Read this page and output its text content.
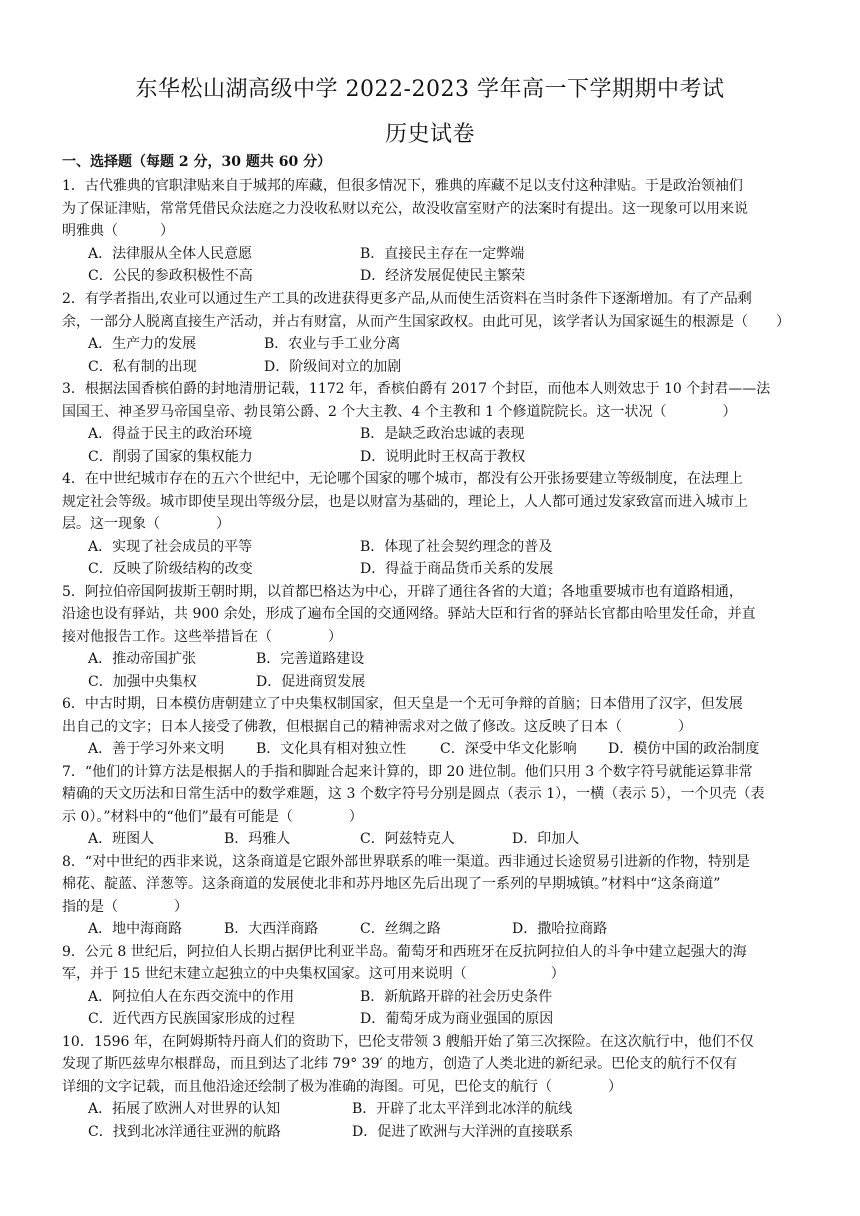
东华松山湖高级中学 2022-2023 学年高一下学期期中考试
历史试卷
一、选择题（每题 2 分，30 题共 60 分）
1．古代雅典的官职津贴来自于城邦的库藏，但很多情况下，雅典的库藏不足以支付这种津贴。于是政治领袖们
为了保证津贴，常常凭借民众法庭之力没收私财以充公，故没收富室财产的法案时有提出。这一现象可以用来说
明雅典（　　　）
A．法律服从全体人民意愿	B．直接民主存在一定弊端
C．公民的参政积极性不高	D．经济发展促使民主繁荣
2．有学者指出,农业可以通过生产工具的改进获得更多产品,从而使生活资料在当时条件下逐渐增加。有了产品剩
余，一部分人脱离直接生产活动，并占有财富，从而产生国家政权。由此可见，该学者认为国家诞生的根源是（　　）
A．生产力的发展	B．农业与手工业分离
C．私有制的出现	D．阶级间对立的加剧
3．根据法国香槟伯爵的封地清册记载，1172 年，香槟伯爵有 2017 个封臣，而他本人则效忠于 10 个封君——法
国国王、神圣罗马帝国皇帝、勃艮第公爵、2 个大主教、4 个主教和 1 个修道院院长。这一状况（　　　　）
A．得益于民主的政治环境	B．是缺乏政治忠诚的表现
C．削弱了国家的集权能力	D．说明此时王权高于教权
4．在中世纪城市存在的五六个世纪中，无论哪个国家的哪个城市，都没有公开张扬要建立等级制度，在法理上
规定社会等级。城市即使呈现出等级分层，也是以财富为基础的，理论上，人人都可通过发家致富而进入城市上
层。这一现象（　　　　）
A．实现了社会成员的平等	B．体现了社会契约理念的普及
C．反映了阶级结构的改变	D．得益于商品货币关系的发展
5．阿拉伯帝国阿拔斯王朝时期，以首都巴格达为中心，开辟了通往各省的大道；各地重要城市也有道路相通，
沿途也设有驿站，共 900 余处，形成了遍布全国的交通网络。驿站大臣和行省的驿站长官都由哈里发任命，并直
接对他报告工作。这些举措旨在（　　　　）
A．推动帝国扩张	B．完善道路建设
C．加强中央集权	D．促进商贸发展
6．中古时期，日本模仿唐朝建立了中央集权制国家，但天皇是一个无可争辩的首脑；日本借用了汉字，但发展
出自己的文字；日本人接受了佛教，但根据自己的精神需求对之做了修改。这反映了日本（　　　　）
A．善于学习外来文明 B．文化具有相对独立性 C．深受中华文化影响 D．模仿中国的政治制度
7．“他们的计算方法是根据人的手指和脚趾合起来计算的，即 20 进位制。他们只用 3 个数字符号就能运算非常
精确的天文历法和日常生活中的数学难题，这 3 个数字符号分别是圆点（表示 1），一横（表示 5），一个贝壳（表
示 0）。”材料中的“他们”最有可能是（　　　　）
A．班图人	B．玛雅人	C．阿兹特克人	D．印加人
8．“对中世纪的西非来说，这条商道是它跟外部世界联系的唯一渠道。西非通过长途贸易引进新的作物，特别是
棉花、靛蓝、洋葱等。这条商道的发展使北非和苏丹地区先后出现了一系列的早期城镇。”材料中“这条商道”
指的是（　　　　）
A．地中海商路	B．大西洋商路	C．丝绸之路	D．撒哈拉商路
9．公元 8 世纪后，阿拉伯人长期占据伊比利亚半岛。葡萄牙和西班牙在反抗阿拉伯人的斗争中建立起强大的海
军，并于 15 世纪末建立起独立的中央集权国家。这可用来说明（　　　　　　）
A．阿拉伯人在东西交流中的作用	B．新航路开辟的社会历史条件
C．近代西方民族国家形成的过程	D．葡萄牙成为商业强国的原因
10．1596 年，在阿姆斯特丹商人们的资助下，巴伦支带领 3 艘船开始了第三次探险。在这次航行中，他们不仅
发现了斯匹兹卑尔根群岛，而且到达了北纬 79° 39′ 的地方，创造了人类北进的新纪录。巴伦支的航行不仅有
详细的文字记载，而且他沿途还绘制了极为准确的海图。可见，巴伦支的航行（　　　　）
A．拓展了欧洲人对世界的认知	B．开辟了北太平洋到北冰洋的航线
C．找到北冰洋通往亚洲的航路	D．促进了欧洲与大洋洲的直接联系
